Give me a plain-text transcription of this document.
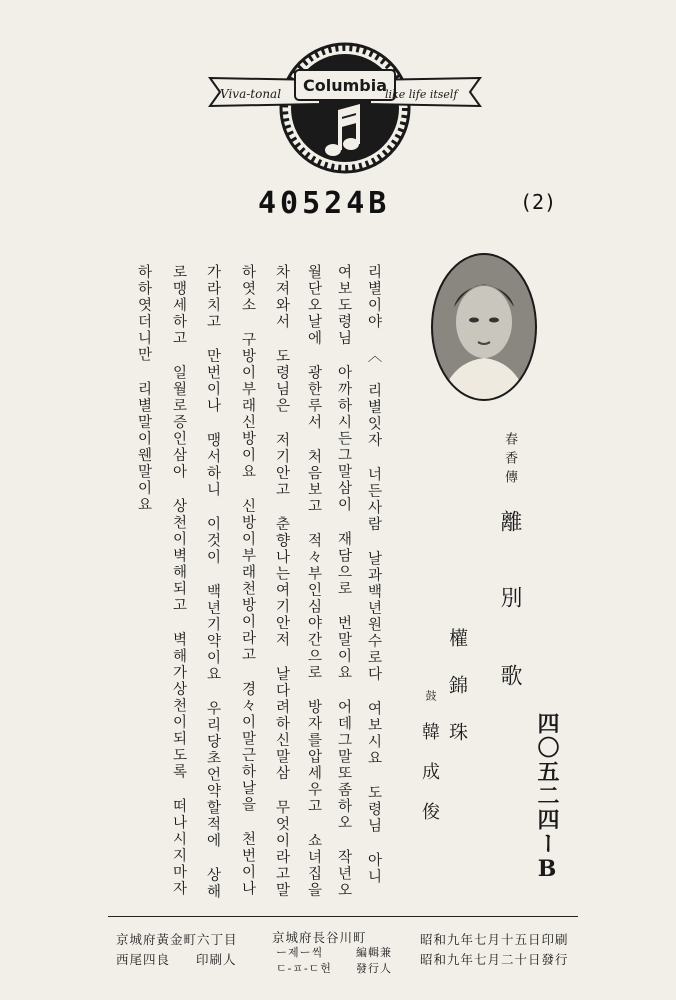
Viva-tonal Columbia
like life itself
40524B	(2)
春香傳
離
別
歌
權錦珠
鼓
韓成俊	四〇五二四ーB
리별이야 〈 리별잇자 너든사람 날과백년원수로다 여보시요 도령님 아니
여보도령님 아까하시든그말삼이 재담으로 번말이요 어데그말또좀하오 작년오
월단오날에 광한루서 처음보고 적々부인심야간으로 방자를압세우고 쇼녀집을
차져와서 도령님은 저기안고 춘향나는여기안저 날다려하신말삼 무엇이라고말
하엿소 구방이부래신방이요 신방이부래천방이라고 경々이말근하날을 천번이나
가라치고 만번이나 맹서하니 이것이 백년기약이요 우리당초언약할적에 상해
로맹세하고 일월로증인삼아 상천이벽해되고 벽해가상천이되도록 떠나시지마자
하하엿더니만 리별말이웬말이요
昭和九年七月十五日印刷
昭和九年七月二十日發行
京城府長谷川町
編輯兼
ー제ー씩
發行人
ㄷ-ㅍ-ㄷ헌
京城府黃金町六丁目
印刷人
西尾四良
